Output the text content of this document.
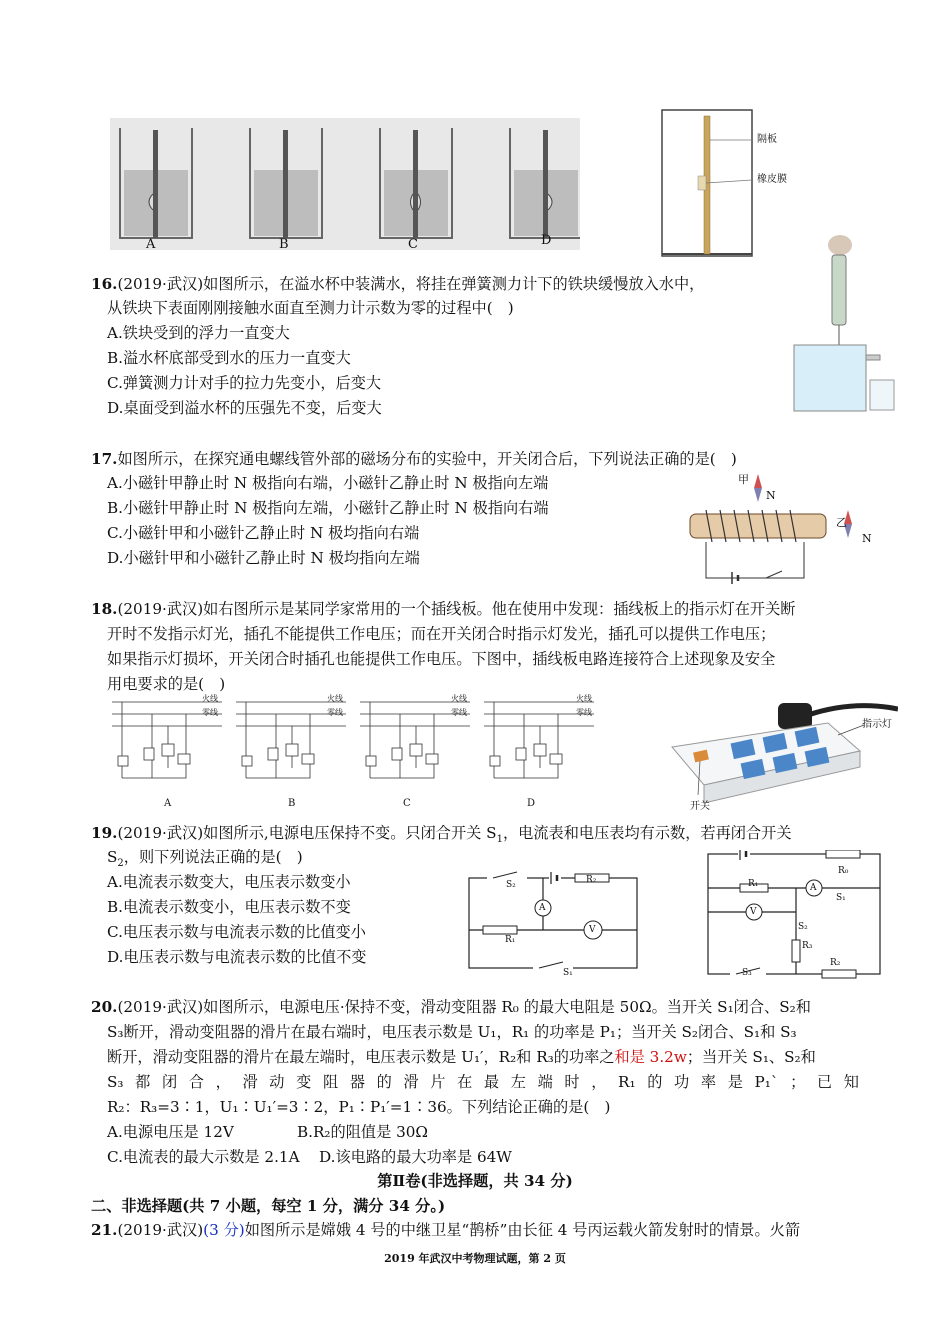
A	B	C	D
隔板
橡皮膜
16.(2019·武汉)如图所示，在溢水杯中装满水，将挂在弹簧测力计下的铁块缓慢放入水中，
从铁块下表面刚刚接触水面直至测力计示数为零的过程中(　)
A.铁块受到的浮力一直变大
B.溢水杯底部受到水的压力一直变大
C.弹簧测力计对手的拉力先变小，后变大
D.桌面受到溢水杯的压强先不变，后变大
17.如图所示，在探究通电螺线管外部的磁场分布的实验中，开关闭合后，下列说法正确的是(　)
A.小磁针甲静止时 N 极指向右端，小磁针乙静止时 N 极指向左端
B.小磁针甲静止时 N 极指向左端，小磁针乙静止时 N 极指向右端
C.小磁针甲和小磁针乙静止时 N 极均指向右端
D.小磁针甲和小磁针乙静止时 N 极均指向左端
甲
N
乙
N
18.(2019·武汉)如右图所示是某同学家常用的一个插线板。他在使用中发现：插线板上的指示灯在开关断
开时不发指示灯光，插孔不能提供工作电压；而在开关闭合时指示灯发光，插孔可以提供工作电压；
如果指示灯损坏，开关闭合时插孔也能提供工作电压。下图中，插线板电路连接符合上述现象及安全
用电要求的是(　)
A	B	C	D
火线
零线
火线
零线
火线
零线
火线
零线
指示灯
开关
19.(2019·武汉)如图所示,电源电压保持不变。只闭合开关 $S_1$，电流表和电压表均有示数，若再闭合开关
$S_2$，则下列说法正确的是(　)
A.电流表示数变大，电压表示数变小
B.电流表示数变小，电压表示数不变
C.电压表示数与电流表示数的比值变小
D.电压表示数与电流表示数的比值不变
S₂	R₂
A
R₁
V
S₁
R₀
R₁	A
V
S₁
S₂
R₃
S₃
R₂
20.(2019·武汉)如图所示，电源电压·保持不变，滑动变阻器 R₀ 的最大电阻是 50Ω。当开关 S₁闭合、S₂和
S₃断开，滑动变阻器的滑片在最右端时，电压表示数是 U₁，R₁ 的功率是 P₁；当开关 S₂闭合、S₁和 S₃
断开，滑动变阻器的滑片在最左端时，电压表示数是 U₁′，R₂和 R₃的功率之和是 3.2w；当开关 S₁、S₂和
S₃ 都 闭 合 ， 滑 动 变 阻 器 的 滑 片 在 最 左 端 时 ， R₁ 的 功 率 是 P₁` ； 已 知
R₂：R₃=3∶1，U₁∶U₁′=3∶2，P₁∶P₁′=1∶36。下列结论正确的是(　)
A.电源电压是 12V	B.R₂的阻值是 30Ω
C.电流表的最大示数是 2.1A D.该电路的最大功率是 64W
第Ⅱ卷(非选择题，共 34 分)
二、非选择题(共 7 小题，每空 1 分，满分 34 分。)
21.(2019·武汉)(3 分)如图所示是嫦娥 4 号的中继卫星“鹊桥”由长征 4 号丙运载火箭发射时的情景。火箭
2019 年武汉中考物理试题，第 2 页
